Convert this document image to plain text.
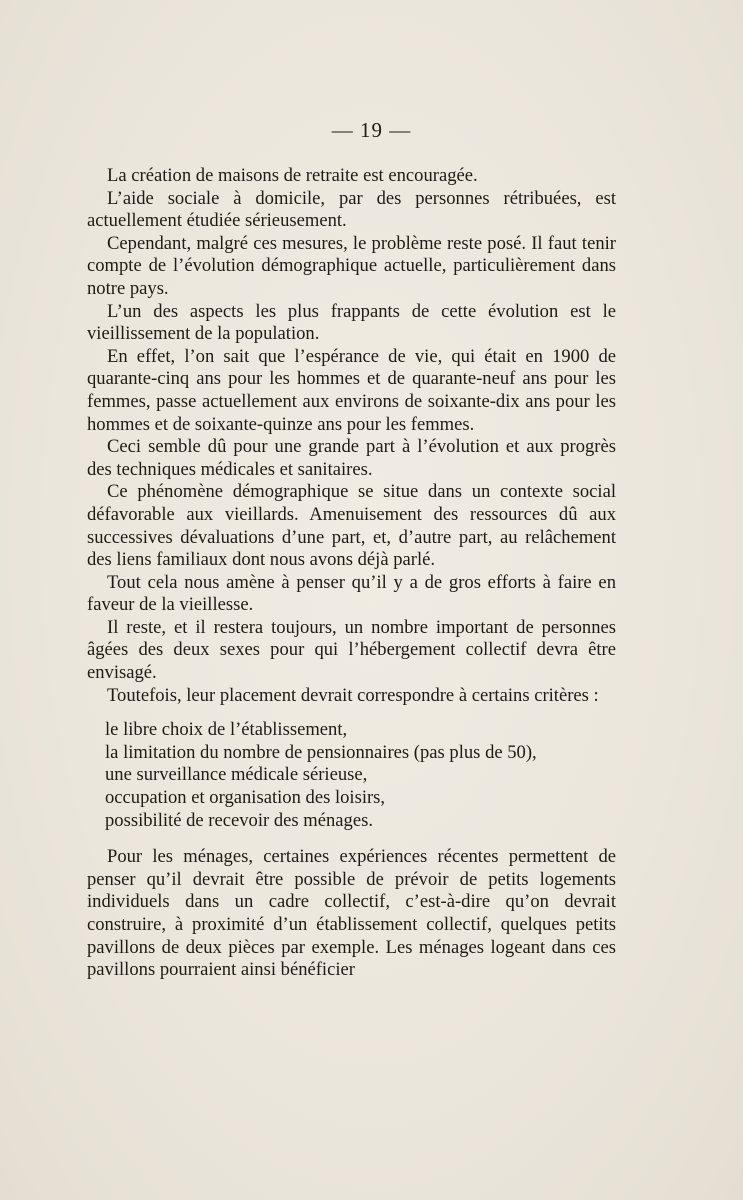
— 19 —

La création de maisons de retraite est encouragée.

L’aide sociale à domicile, par des personnes rétribuées, est actuellement étudiée sérieusement.

Cependant, malgré ces mesures, le problème reste posé. Il faut tenir compte de l’évolution démographique actuelle, particulièrement dans notre pays.

L’un des aspects les plus frappants de cette évolution est le vieillissement de la population.

En effet, l’on sait que l’espérance de vie, qui était en 1900 de quarante-cinq ans pour les hommes et de quarante-neuf ans pour les femmes, passe actuellement aux environs de soixante-dix ans pour les hommes et de soixante-quinze ans pour les femmes.

Ceci semble dû pour une grande part à l’évolution et aux progrès des techniques médicales et sanitaires.

Ce phénomène démographique se situe dans un contexte social défavorable aux vieillards. Amenuisement des ressources dû aux successives dévaluations d’une part, et, d’autre part, au relâchement des liens familiaux dont nous avons déjà parlé.

Tout cela nous amène à penser qu’il y a de gros efforts à faire en faveur de la vieillesse.

Il reste, et il restera toujours, un nombre important de personnes âgées des deux sexes pour qui l’hébergement collectif devra être envisagé.

Toutefois, leur placement devrait correspondre à certains critères :

le libre choix de l’établissement,
la limitation du nombre de pensionnaires (pas plus de 50),
une surveillance médicale sérieuse,
occupation et organisation des loisirs,
possibilité de recevoir des ménages.

Pour les ménages, certaines expériences récentes permettent de penser qu’il devrait être possible de prévoir de petits logements individuels dans un cadre collectif, c’est-à-dire qu’on devrait construire, à proximité d’un établissement collectif, quelques petits pavillons de deux pièces par exemple. Les ménages logeant dans ces pavillons pourraient ainsi bénéficier
